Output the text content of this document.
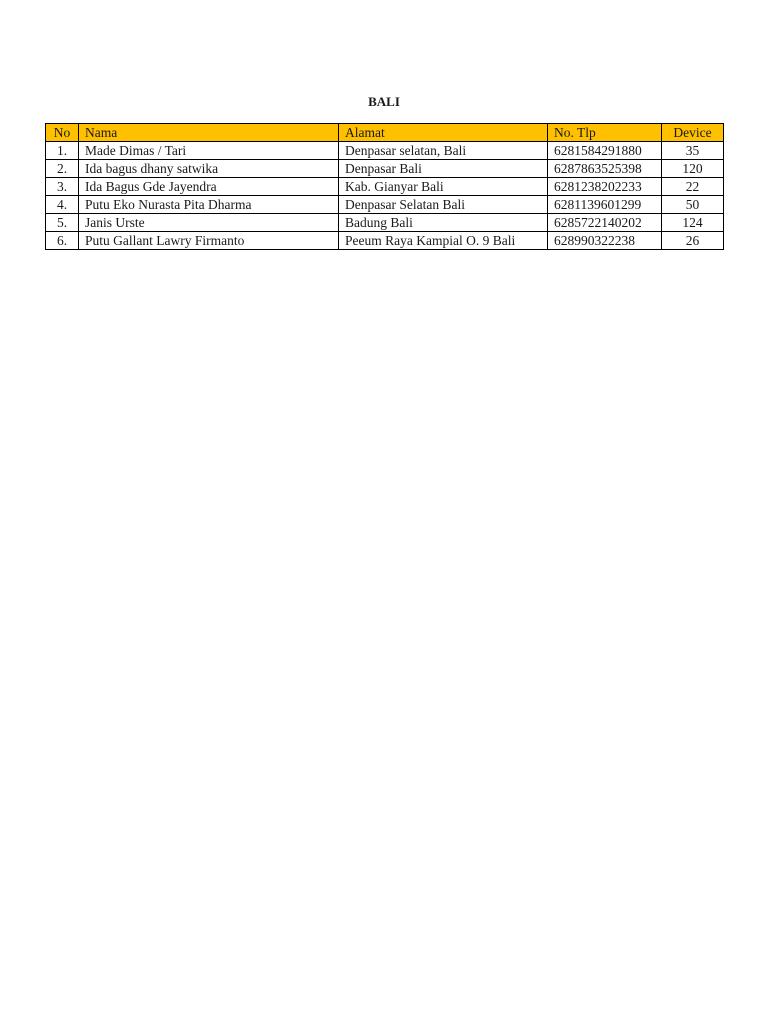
BALI
No	Nama	Alamat	No. Tlp	Device
1.	Made Dimas / Tari	Denpasar selatan, Bali	6281584291880	35
2.	Ida bagus dhany satwika	Denpasar Bali	6287863525398	120
3.	Ida Bagus Gde Jayendra	Kab. Gianyar Bali	6281238202233	22
4.	Putu Eko Nurasta Pita Dharma	Denpasar Selatan Bali	6281139601299	50
5.	Janis Urste	Badung Bali	6285722140202	124
6.	Putu Gallant Lawry Firmanto	Peeum Raya Kampial O. 9 Bali	628990322238	26
